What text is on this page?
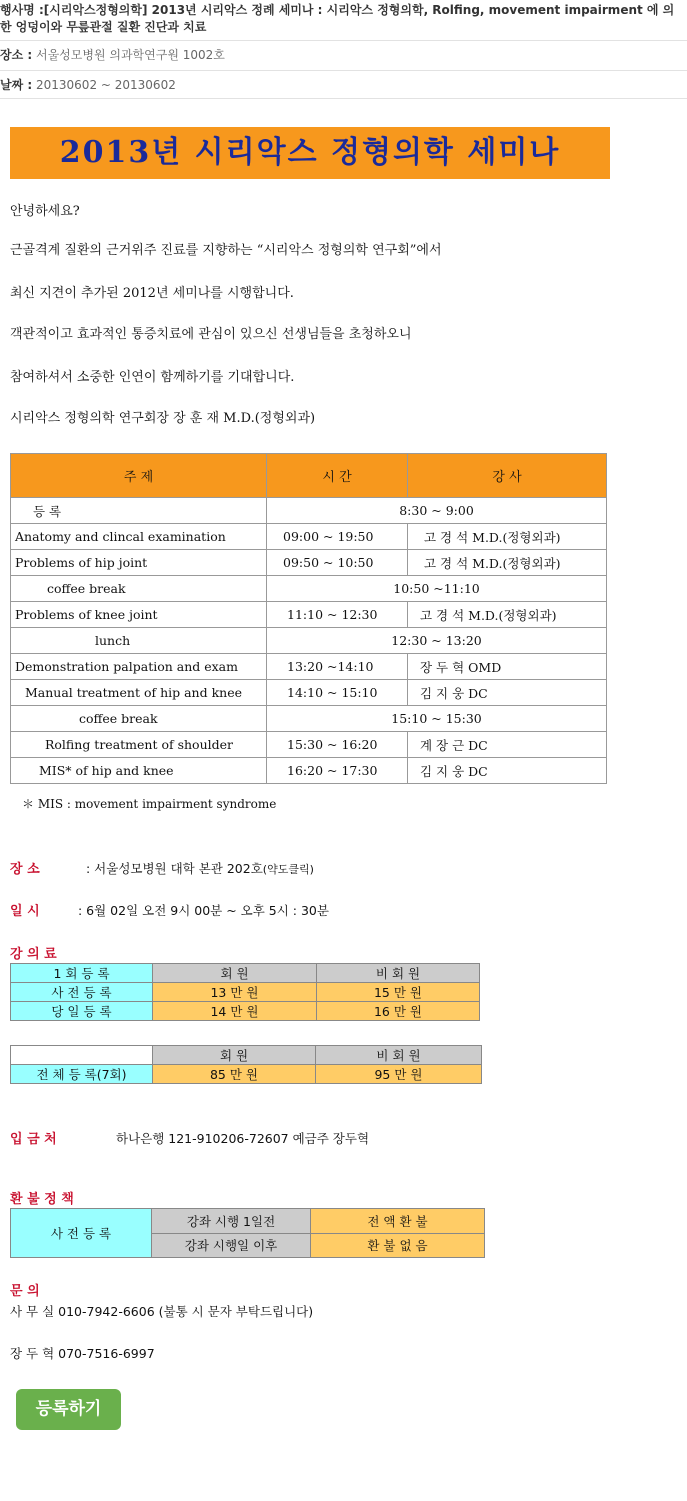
행사명 :[시리악스정형의학] 2013년 시리악스 정례 세미나 : 시리악스 정형의학, Rolfing, movement impairment 에 의한 엉덩이와 무릎관절 질환 진단과 치료
장소 : 서울성모병원 의과학연구원 1002호
날짜 : 20130602 ~ 20130602
2013년 시리악스 정형의학 세미나
안녕하세요?
근골격계 질환의 근거위주 진료를 지향하는 “시리악스 정형의학 연구회”에서
최신 지견이 추가된 2012년 세미나를 시행합니다.
객관적이고 효과적인 통증치료에 관심이 있으신 선생님들을 초청하오니
참여하셔서 소중한 인연이 함께하기를 기대합니다.
시리악스 정형의학 연구회장 장 훈 재 M.D.(정형외과)
주 제	시 간	강 사
등 록	8:30 ~ 9:00	
Anatomy and clincal examination	09:00 ~ 19:50	고 경 석 M.D.(정형외과)
Problems of hip joint	09:50 ~ 10:50	고 경 석 M.D.(정형외과)
coffee break	10:50 ~11:10	
Problems of knee joint	11:10 ~ 12:30	고 경 석 M.D.(정형외과)
lunch	12:30 ~ 13:20	
Demonstration palpation and exam	13:20 ~14:10	장 두 혁 OMD
Manual treatment of hip and knee	14:10 ~ 15:10	김 지 웅 DC
coffee break	15:10 ~ 15:30	
Rolfing treatment of shoulder	15:30 ~ 16:20	계 장 근 DC
MIS* of hip and knee	16:20 ~ 17:30	김 지 웅 DC
＊ MIS : movement impairment syndrome
장 소	: 서울성모병원 대학 본관 202호(약도클릭)
일 시	: 6월 02일 오전 9시 00분 ~ 오후 5시 : 30분
강 의 료
1 회 등 록	회 원	비 회 원
사 전 등 록	13 만 원	15 만 원
당 일 등 록	14 만 원	16 만 원
	회 원	비 회 원
전 체 등 록(7회)	85 만 원	95 만 원
입 금 처	하나은행 121-910206-72607 예금주 장두혁
환 불 정 책
사 전 등 록	강좌 시행 1일전	전 액 환 불
	강좌 시행일 이후	환 불 없 음
문 의
사 무 실 010-7942-6606 (불통 시 문자 부탁드립니다)
장 두 혁 070-7516-6997
등록하기
